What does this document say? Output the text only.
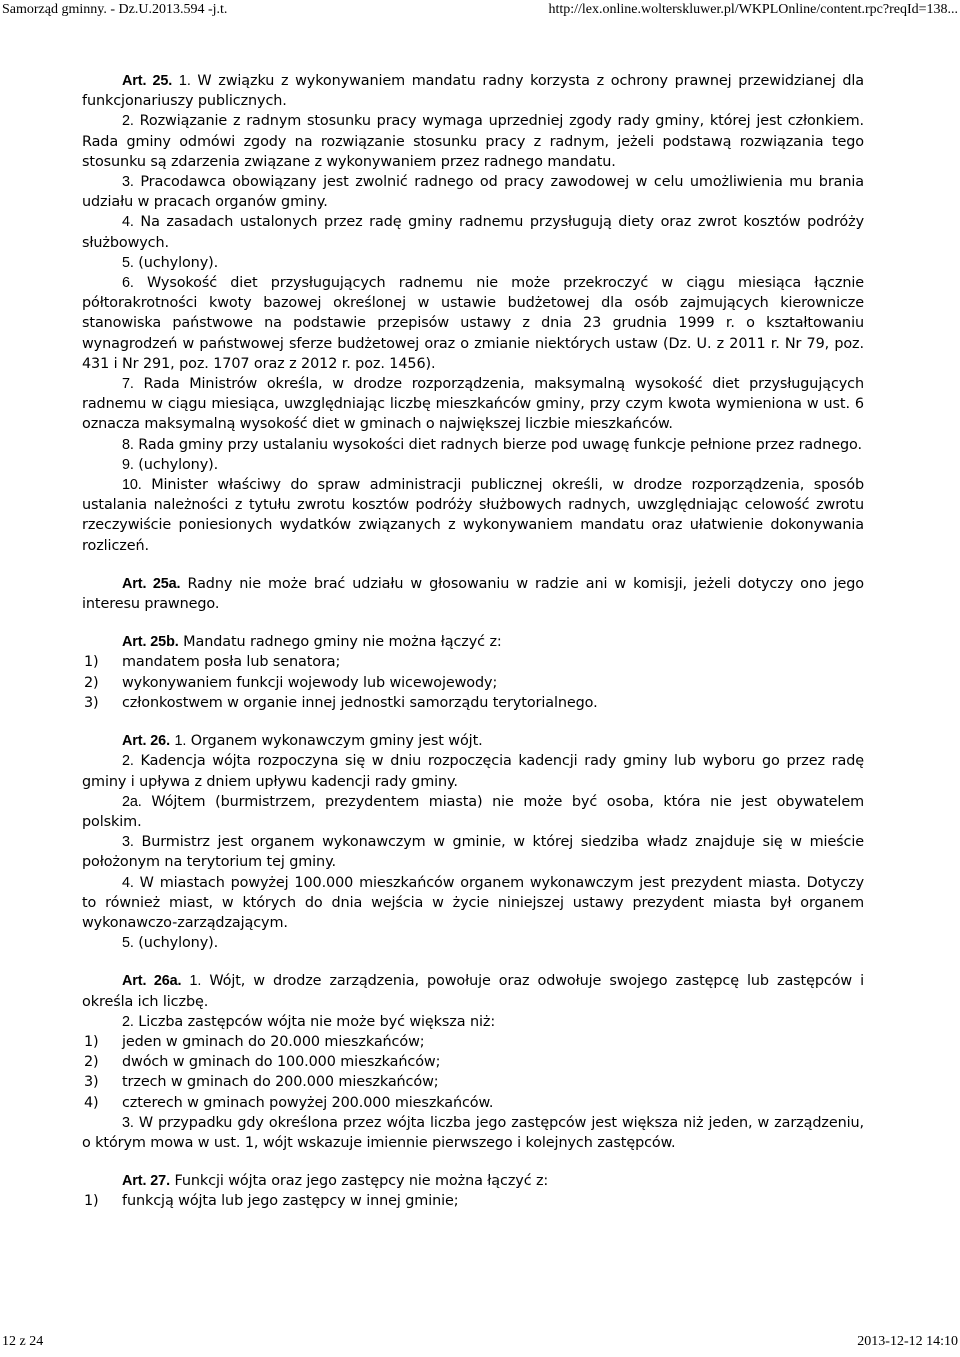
Samorząd gminny. - Dz.U.2013.594 -j.t.	http://lex.online.wolterskluwer.pl/WKPLOnline/content.rpc?reqId=138...

Art. 25. 1. W związku z wykonywaniem mandatu radny korzysta z ochrony prawnej przewidzianej dla funkcjonariuszy publicznych.

2. Rozwiązanie z radnym stosunku pracy wymaga uprzedniej zgody rady gminy, której jest członkiem. Rada gminy odmówi zgody na rozwiązanie stosunku pracy z radnym, jeżeli podstawą rozwiązania tego stosunku są zdarzenia związane z wykonywaniem przez radnego mandatu.

3. Pracodawca obowiązany jest zwolnić radnego od pracy zawodowej w celu umożliwienia mu brania udziału w pracach organów gminy.

4. Na zasadach ustalonych przez radę gminy radnemu przysługują diety oraz zwrot kosztów podróży służbowych.

5. (uchylony).

6. Wysokość diet przysługujących radnemu nie może przekroczyć w ciągu miesiąca łącznie półtorakrotności kwoty bazowej określonej w ustawie budżetowej dla osób zajmujących kierownicze stanowiska państwowe na podstawie przepisów ustawy z dnia 23 grudnia 1999 r. o kształtowaniu wynagrodzeń w państwowej sferze budżetowej oraz o zmianie niektórych ustaw (Dz. U. z 2011 r. Nr 79, poz. 431 i Nr 291, poz. 1707 oraz z 2012 r. poz. 1456).

7. Rada Ministrów określa, w drodze rozporządzenia, maksymalną wysokość diet przysługujących radnemu w ciągu miesiąca, uwzględniając liczbę mieszkańców gminy, przy czym kwota wymieniona w ust. 6 oznacza maksymalną wysokość diet w gminach o największej liczbie mieszkańców.

8. Rada gminy przy ustalaniu wysokości diet radnych bierze pod uwagę funkcje pełnione przez radnego.

9. (uchylony).

10. Minister właściwy do spraw administracji publicznej określi, w drodze rozporządzenia, sposób ustalania należności z tytułu zwrotu kosztów podróży służbowych radnych, uwzględniając celowość zwrotu rzeczywiście poniesionych wydatków związanych z wykonywaniem mandatu oraz ułatwienie dokonywania rozliczeń.

Art. 25a. Radny nie może brać udziału w głosowaniu w radzie ani w komisji, jeżeli dotyczy ono jego interesu prawnego.

Art. 25b. Mandatu radnego gminy nie można łączyć z:

1) mandatem posła lub senatora;
2) wykonywaniem funkcji wojewody lub wicewojewody;
3) członkostwem w organie innej jednostki samorządu terytorialnego.

Art. 26. 1. Organem wykonawczym gminy jest wójt.

2. Kadencja wójta rozpoczyna się w dniu rozpoczęcia kadencji rady gminy lub wyboru go przez radę gminy i upływa z dniem upływu kadencji rady gminy.

2a. Wójtem (burmistrzem, prezydentem miasta) nie może być osoba, która nie jest obywatelem polskim.

3. Burmistrz jest organem wykonawczym w gminie, w której siedziba władz znajduje się w mieście położonym na terytorium tej gminy.

4. W miastach powyżej 100.000 mieszkańców organem wykonawczym jest prezydent miasta. Dotyczy to również miast, w których do dnia wejścia w życie niniejszej ustawy prezydent miasta był organem wykonawczo-zarządzającym.

5. (uchylony).

Art. 26a. 1. Wójt, w drodze zarządzenia, powołuje oraz odwołuje swojego zastępcę lub zastępców i określa ich liczbę.

2. Liczba zastępców wójta nie może być większa niż:

1) jeden w gminach do 20.000 mieszkańców;
2) dwóch w gminach do 100.000 mieszkańców;
3) trzech w gminach do 200.000 mieszkańców;
4) czterech w gminach powyżej 200.000 mieszkańców.

3. W przypadku gdy określona przez wójta liczba jego zastępców jest większa niż jeden, w zarządzeniu, o którym mowa w ust. 1, wójt wskazuje imiennie pierwszego i kolejnych zastępców.

Art. 27. Funkcji wójta oraz jego zastępcy nie można łączyć z:

1) funkcją wójta lub jego zastępcy w innej gminie;
12 z 24	2013-12-12 14:10
